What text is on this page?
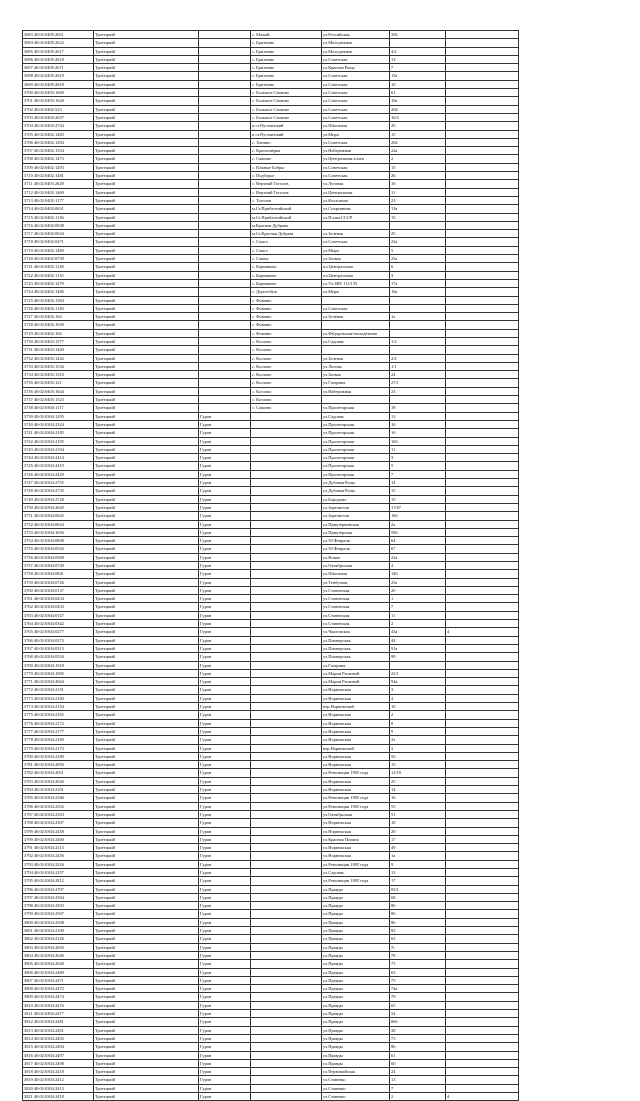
3693 40:02:0405:2651	Тротецкий		с. Малый	ул.Российская	356	
3694 40:02:0405:2622	Тротецкий		с. Бритчино	ул.Молодежная		
3695 40:02:0405:2617	Тротецкий		с. Бритчино	ул.Молодежная	4/2	
3696 40:02:0405:2618	Тротецкий		с. Бритчино	ул.Советская	13	
3697 40:02:0405:2671	Тротецкий		с. Бритчино	ул.Красная Роща	7	
3698 40:02:0405:2619	Тротецкий		с. Бритчино	ул.Советская	15а	
3699 40:02:0405:2618	Тротецкий		с. Бритчино	ул.Советская	10	
3700 40:02:0403:1669	Тротецкий		с. Большое Сачково	ул.Советская	61	
3701 40:02:0403:1628	Тротецкий		с. Большое Сачково	ул.Советская	10а	
3702 40:02:0402:523	Тротецкий		с. Большое Сачково	ул.Советская	204	
3703 40:02:0403:2637	Тротецкий		с. Большое Сачково	ул.Советская	16/5	
3704 40:02:0403:2744	Тротецкий		п.ст.Пустынский	ул.Школьная	20	
3705 40:02:0402:1483	Тротецкий		п.ст.Пустынский	ул.Мира	15	
3706 40:02:0402:1294	Тротецкий		с. Ханино	ул.Советская	264	
3707 40:02:0402:1554	Тротецкий		с. Краснопёрка	ул.Набережная	22а	
3708 40:02:0402:1473	Тротецкий		с. Сашино	ул.Центральная аллея	2	
3709 40:02:0402:1293	Тротецкий		с. Южные Бобры	ул.Советская	15	
3710 40:02:0402:1481	Тротецкий		с. Подборье	ул.Советская	26	
3711 40:02:0403:2628	Тротецкий		с. Верхний Тоголов	ул.Луговая	16	
3712 40:02:0402:1469	Тротецкий		с. Верхний Тоголов	ул.Центральная	11	
3713 40:02:0402:1177	Тротецкий		с. Тоголов	ул.Колхозная	23	
3714 40:02:0402:0631	Тротецкий		м.Ст.Прибалтийский	ул.Спортивная	13а	
3715 40:02:0402:1136	Тротецкий		м.Ст.Прибалтийский	ул.Пл.им.СССР	15	
3716 40:02:0402:0038	Тротецкий		м.Красная Дубрава			
3717 40:02:0402:0634	Тротецкий		м.Ст.Красная Дубрава	ул.Зеленая	25	
3718 40:02:0402:0471	Тротецкий		с. Сокол	ул.Советская	22а	
3719 40:02:0402:1469	Тротецкий		с. Сокол	ул.Мира	5	
3720 40:02:0402:0739	Тротецкий		с. Сашка	ул.Заовая	25а	
3721 40:02:0402:1148	Тротецкий		с. Карманово	пл.Центральная	6	
3722 40:02:0402:1135	Тротецкий		с. Карманово	пл.Центральная	3	
3723 40:02:0402:1279	Тротецкий		с. Карманово	ул.Ул.ЗВЕ 111/135	17а	
3724 40:02:0402:1486	Тротецкий		с. Дорогобуж	ул.Мира	16а	
3725 40:02:0402:1584	Тротецкий		с. Фомино			
3726 40:02:0402:1140	Тротецкий		с. Фомино	ул.Советская		
3727 40:02:0402:164	Тротецкий		с. Фомино	ул.Зелёная	1а	
3728 40:02:0402:1630	Тротецкий		с. Фомино			
3729 40:02:0402:166	Тротецкий		с. Фомино	ул.Фёдоровская-молодёжная		
3730 40:02:0403:1577	Тротецкий		с. Козлово	ул.Садовая	1/2	
3731 40:02:0403:1440	Тротецкий		с. Козлово			
3732 40:02:0403:1442	Тротецкий		с. Козлово	ул.Зеленая	2/2	
3733 40:02:0403:1536	Тротецкий		с. Козлово	ул.Лесная	1/1	
3734 40:02:0403:1510	Тротецкий		с. Козлово	ул.Заовая	24	
3735 40:02:0403:121	Тротецкий		с. Козлово	ул.Гагарина	27/1	
3736 40:02:0403:1644	Тротецкий		с. Козлово	ул.Набережная	23	
3737 40:02:0403:1523	Тротецкий		с. Козлово			
3738 40:02:0304:1117	Тротецкий		с. Сашино	ул.Пролетарская	18	
3739 40:02:0304:1295	Тротецкий	Гуран		ул.Садовая	13	
3740 40:02:0304:2324	Тротецкий	Гуран		ул.Пролетарская	16	
3741 40:02:0304:2185	Тротецкий	Гуран		ул.Пролетарская	1б	
3742 40:02:0304:2195	Тротецкий	Гуран		ул.Пролетарская	16б	
3743 40:02:0304:2194	Тротецкий	Гуран		ул.Пролетарская	11	
3744 40:02:0304:2414	Тротецкий	Гуран		ул.Пролетарская	3	
3745 40:02:0304:2419	Тротецкий	Гуран		ул.Пролетарская	5	
3746 40:02:0304:2429	Тротецкий	Гуран		ул.Пролетарская	7	
3747 40:02:0304:2755	Тротецкий	Гуран		ул.Дубовая Роща	14	
3748 40:02:0304:2735	Тротецкий	Гуран		ул.Дубовая Роща	15	
3749 40:02:0304:2728	Тротецкий	Гуран		ул.Бородино	15	
3750 40:02:0304:2645	Тротецкий	Гуран		ул.Заречистая	17/67	
3751 40:02:0304:0645	Тротецкий	Гуран		ул.Заречистая	16б	
3752 40:02:0304:0634	Тротецкий	Гуран		ул.Приозёрнинская	2а	
3753 40:02:0304:1656	Тротецкий	Гуран		ул.Приозёрская	59б	
3754 40:02:0304:0848	Тротецкий	Гуран		ул.50 Февраля	64	
3755 40:02:0304:0526	Тротецкий	Гуран		ул.50 Февраля	67	
3756 40:02:0304:0508	Тротецкий	Гуран		ул.Новая	22а	
3757 40:02:0304:0749	Тротецкий	Гуран		ул.Октябрьская	4	
3758 40:02:0304:0841	Тротецкий	Гуран		ул.Школьная	14б	
3759 40:02:0304:0726	Тротецкий	Гуран		ул.Тенбузова	25а	
3760 40:02:0304:0137	Тротецкий	Гуран		ул.Ставенская	2б	
3761 40:02:0304:0434	Тротецкий	Гуран		ул.Ставенская	1	
3762 40:02:0304:0433	Тротецкий	Гуран		ул.Ставенская	7	
3763 40:02:0304:0147	Тротецкий	Гуран		ул.Ставенская	11	
3764 40:02:0304:0342	Тротецкий	Гуран		ул.Ставенская	2	
3765 40:02:0304:0277	Тротецкий	Гуран		ул.Чкаловская	43а	4
3766 40:02:0304:0273	Тротецкий	Гуран		ул.Пионерская	44	
3767 40:02:0304:0313	Тротецкий	Гуран		ул.Пионерская	91а	
3768 40:02:0304:0534	Тротецкий	Гуран		ул.Пионерская	99	
3769 40:02:0304:1918	Тротецкий	Гуран		ул.Гагарина		
3770 40:02:0304:1905	Тротецкий	Гуран		ул.Марии Расковой	22/1	
3771 40:02:0304:2044	Тротецкий	Гуран		ул.Марии Расковой	94а	
3772 40:02:0304:2151	Тротецкий	Гуран		ул.Норвежская	3	
3773 40:02:0304:2160	Тротецкий	Гуран		ул.Норвежская	4	
3774 40:02:0304:2154	Тротецкий	Гуран		пер.Норвежский	10	
3775 40:02:0304:2165	Тротецкий	Гуран		ул.Норвежская	2	
3776 40:02:0304:2172	Тротецкий	Гуран		ул.Норвежская	8	
3777 40:02:0304:2177	Тротецкий	Гуран		ул.Норвежская	9	
3778 40:02:0304:2169	Тротецкий	Гуран		ул.Норвежская	2а	
3779 40:02:0304:2173	Тротецкий	Гуран		пер.Норвежский	3	
3780 40:02:0304:2180	Тротецкий	Гуран		ул.Норвежская	5б	
3781 40:02:0304:2093	Тротецкий	Гуран		ул.Норвежская	15	
3782 40:02:0304:2051	Тротецкий	Гуран		ул.Революции 1905 года	12/18	
3783 40:02:0304:2026	Тротецкий	Гуран		ул.Норвежская	25	
3784 40:02:0304:2101	Тротецкий	Гуран		ул.Норвежская	14	
3785 40:02:0304:2346	Тротецкий	Гуран		ул.Революции 1905 года	16	
3786 40:02:0304:2352	Тротецкий	Гуран		ул.Революции 1905 года	55	
3787 40:02:0304:2303	Тротецкий	Гуран		ул.Октябрьская	51	
3788 40:02:0304:2307	Тротецкий	Гуран		ул.Норвежская	18	
3789 40:02:0304:2458	Тротецкий	Гуран		ул.Норвежская	20	
3790 40:02:0304:2460	Тротецкий	Гуран		ул.Красная Поляна	17	
3791 40:02:0304:2313	Тротецкий	Гуран		ул.Норвежская	49	
3792 40:02:0304:2456	Тротецкий	Гуран		ул.Норвежская	1а	
3793 40:02:0304:2226	Тротецкий	Гуран		ул.Революции 1905 года	9	
3794 40:02:0304:2257	Тротецкий	Гуран		ул.Садовая	13	
3795 40:02:0304:2812	Тротецкий	Гуран		ул.Революции 1905 года	17	
3796 40:02:0304:2707	Тротецкий	Гуран		ул.Правды	83/1	
3797 40:02:0304:2504	Тротецкий	Гуран		ул.Правды	68	
3798 40:02:0304:2503	Тротецкий	Гуран		ул.Правды	86	
3799 40:02:0304:2507	Тротецкий	Гуран		ул.Правды	8б	
3800 40:02:0304:2508	Тротецкий	Гуран		ул.Правды	86	
3801 40:02:0304:2100	Тротецкий	Гуран		ул.Правды	82	
3802 40:02:0304:2126	Тротецкий	Гуран		ул.Правды	63	
3803 40:02:0304:2650	Тротецкий	Гуран		ул.Правды	7г	
3804 40:02:0304:2646	Тротецкий	Гуран		ул.Правды	78	
3805 40:02:0304:2648	Тротецкий	Гуран		ул.Правды	73	
3806 40:02:0304:2480	Тротецкий	Гуран		ул.Правды	63	
3807 40:02:0304:2471	Тротецкий	Гуран		ул.Правды	75	
3808 40:02:0304:2472	Тротецкий	Гуран		ул.Правды	74а	
3809 40:02:0304:2474	Тротецкий	Гуран		ул.Правды	79	
3810 40:02:0304:2476	Тротецкий	Гуран		ул.Правды	65	
3811 40:02:0304:2477	Тротецкий	Гуран		ул.Правды	54	
3812 40:02:0304:2481	Тротецкий	Гуран		ул.Правды	86б	
3813 40:02:0304:2491	Тротецкий	Гуран		ул.Правды	38	
3814 40:02:0304:2492	Тротецкий	Гуран		ул.Правды	73	
3815 40:02:0304:2494	Тротецкий	Гуран		ул.Правды	86	
3816 40:02:0304:2497	Тротецкий	Гуран		ул.Правды	61	
3817 40:02:0304:2498	Тротецкий	Гуран		ул.Правды	60	
3818 40:02:0304:2418	Тротецкий	Гуран		ул.Первомайская	24	
3819 40:02:0304:2412	Тротецкий	Гуран		ул.Ставенко	13	
3820 40:02:0304:2413	Тротецкий	Гуран		ул.Ставенко	7	
3821 40:02:0304:2418	Тротецкий	Гуран		ул.Ставенко	2	4
